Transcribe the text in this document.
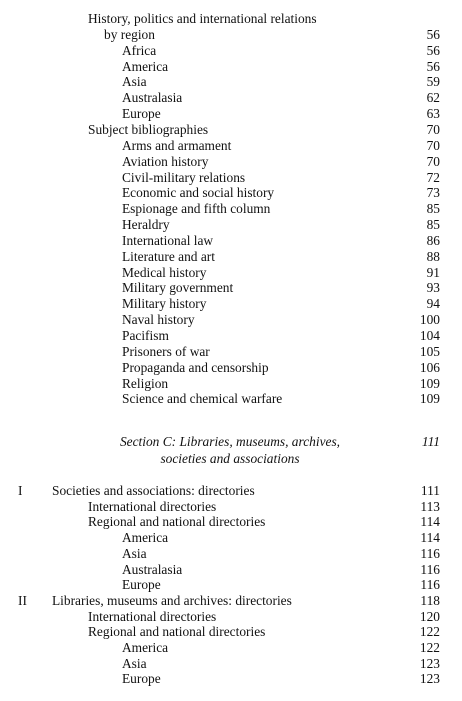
History, politics and international relations
by region	56
Africa	56
America	56
Asia	59
Australasia	62
Europe	63
Subject bibliographies	70
Arms and armament	70
Aviation history	70
Civil-military relations	72
Economic and social history	73
Espionage and fifth column	85
Heraldry	85
International law	86
Literature and art	88
Medical history	91
Military government	93
Military history	94
Naval history	100
Pacifism	104
Prisoners of war	105
Propaganda and censorship	106
Religion	109
Science and chemical warfare	109
Section C: Libraries, museums, archives,	111
societies and associations
I Societies and associations: directories	111
International directories	113
Regional and national directories	114
America	114
Asia	116
Australasia	116
Europe	116
II Libraries, museums and archives: directories	118
International directories	120
Regional and national directories	122
America	122
Asia	123
Europe	123
